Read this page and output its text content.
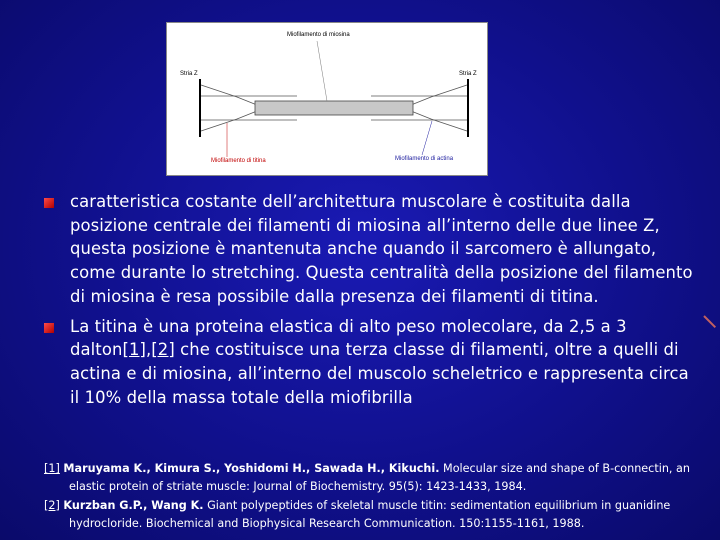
Miofilamento di miosina
Stria Z	Stria Z
Miofilamento di titina	Miofilamento di actina
caratteristica costante dell’architettura muscolare è costituita dalla posizione centrale dei filamenti di miosina all’interno delle due linee Z, questa posizione è mantenuta anche quando il sarcomero è allungato, come durante lo stretching. Questa centralità della posizione del filamento di miosina è resa possibile dalla presenza dei filamenti di titina.
La titina è una proteina elastica di alto peso molecolare, da 2,5 a 3 dalton[1],[2] che costituisce una terza classe di filamenti, oltre a quelli di actina e di miosina, all’interno del muscolo scheletrico e rappresenta circa il 10% della massa totale della miofibrilla
[1] Maruyama K., Kimura S., Yoshidomi H., Sawada H., Kikuchi. Molecular size and shape of B-connectin, an elastic protein of striate muscle: Journal of Biochemistry. 95(5): 1423-1433, 1984.
[2] Kurzban G.P., Wang K. Giant polypeptides of skeletal muscle titin: sedimentation equilibrium in guanidine hydrocloride. Biochemical and Biophysical Research Communication. 150:1155-1161, 1988.
